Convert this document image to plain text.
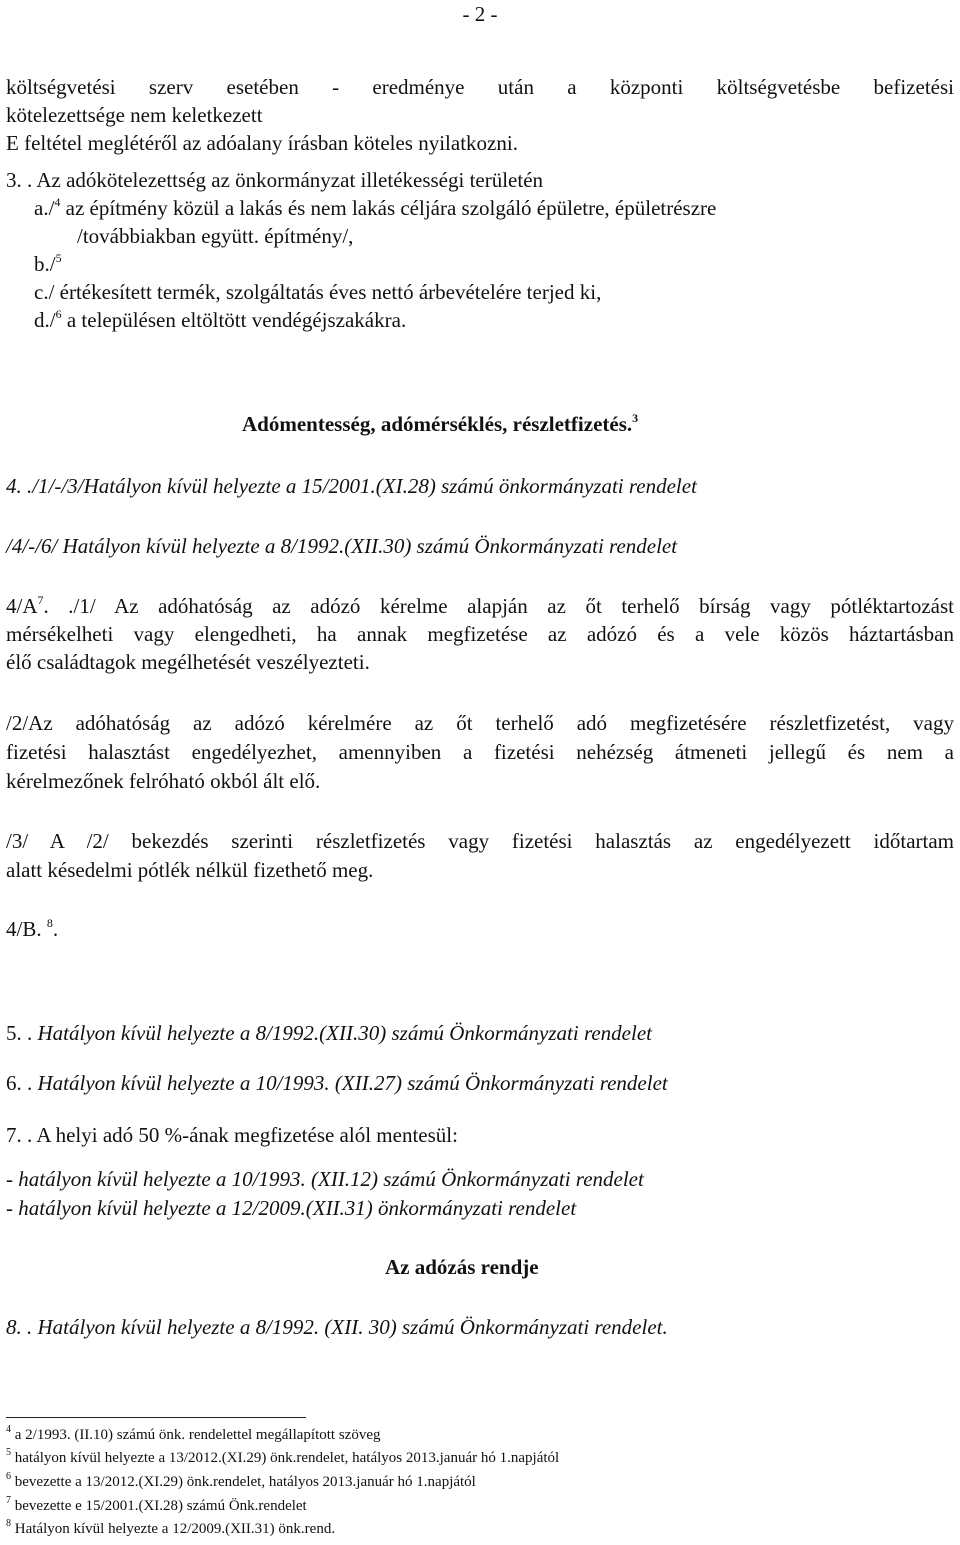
- 2 -
költségvetési szerv esetében - eredménye után a központi költségvetésbe befizetési
kötelezettsége nem keletkezett
E feltétel meglétéről az adóalany írásban köteles nyilatkozni.
3. . Az adókötelezettség az önkormányzat illetékességi területén
a./$^4$ az építmény közül a lakás és nem lakás céljára szolgáló épületre, épületrészre
/továbbiakban együtt. építmény/,
b./$^5$
c./ értékesített termék, szolgáltatás éves nettó árbevételére terjed ki,
d./$^6$ a településen eltöltött vendégéjszakákra.
Adómentesség, adómérséklés, részletfizetés.$^3$
4. ./1/-/3/Hatályon kívül helyezte a 15/2001.(XI.28) számú önkormányzati rendelet
/4/-/6/ Hatályon kívül helyezte a 8/1992.(XII.30) számú Önkormányzati rendelet
$4/A^7$. ./1/ Az adóhatóság az adózó kérelme alapján az őt terhelő bírság vagy pótléktartozást
mérsékelheti vagy elengedheti, ha annak megfizetése az adózó és a vele közös háztartásban
élő családtagok megélhetését veszélyezteti.
/2/Az adóhatóság az adózó kérelmére az őt terhelő adó megfizetésére részletfizetést, vagy
fizetési halasztást engedélyezhet, amennyiben a fizetési nehézség átmeneti jellegű és nem a
kérelmezőnek felróható okból ált elő.
/3/ A /2/ bekezdés szerinti részletfizetés vagy fizetési halasztás az engedélyezett időtartam
alatt késedelmi pótlék nélkül fizethető meg.
4/B. $^8$.
5. . Hatályon kívül helyezte a 8/1992.(XII.30) számú Önkormányzati rendelet
6. . Hatályon kívül helyezte a 10/1993. (XII.27) számú Önkormányzati rendelet
7. . A helyi adó 50 %-ának megfizetése alól mentesül:
- hatályon kívül helyezte a 10/1993. (XII.12) számú Önkormányzati rendelet
- hatályon kívül helyezte a 12/2009.(XII.31) önkormányzati rendelet
Az adózás rendje
8. . Hatályon kívül helyezte a 8/1992. (XII. 30) számú Önkormányzati rendelet.
$^4$ a 2/1993. (II.10) számú önk. rendelettel megállapított szöveg
$^5$ hatályon kívül helyezte a 13/2012.(XI.29) önk.rendelet, hatályos 2013.január hó 1.napjától
$^6$ bevezette a 13/2012.(XI.29) önk.rendelet, hatályos 2013.január hó 1.napjától
$^7$ bevezette e 15/2001.(XI.28) számú Önk.rendelet
$^8$ Hatályon kívül helyezte a 12/2009.(XII.31) önk.rend.
